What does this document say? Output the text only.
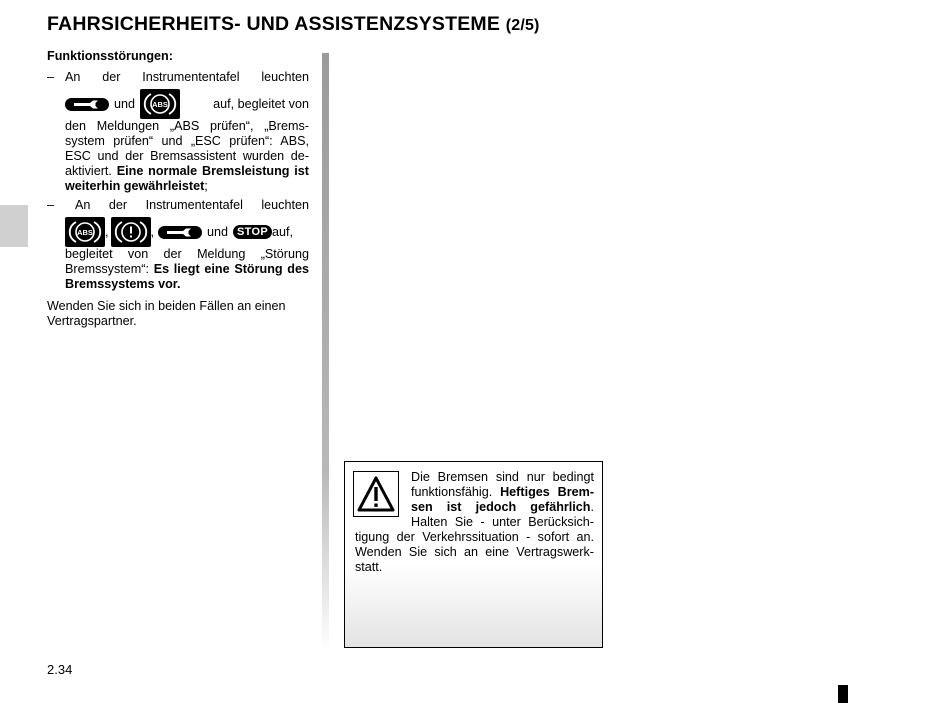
FAHRSICHERHEITS- UND ASSISTENZSYSTEME (2/5)
Funktionsstörungen:
– An der Instrumententafel leuchten
und ABS	auf, begleitet von
den Meldungen „ABS prüfen“, „Brems-system prüfen“ und „ESC prüfen“: ABS, ESC und der Bremsassistent wurden de-aktiviert. Eine normale Bremsleistung ist weiterhin gewährleistet;
– An der Instrumententafel leuchten
ABS ,	,	und STOP auf,
begleitet von der Meldung „Störung Bremssystem“: Es liegt eine Störung des Bremssystems vor.
Wenden Sie sich in beiden Fällen an einen Vertragspartner.
Die Bremsen sind nur bedingt funktionsfähig. Heftiges Brem-sen ist jedoch gefährlich. Halten Sie - unter Berücksich-tigung der Verkehrssituation - sofort an. Wenden Sie sich an eine Vertragswerk-statt.
2.34
